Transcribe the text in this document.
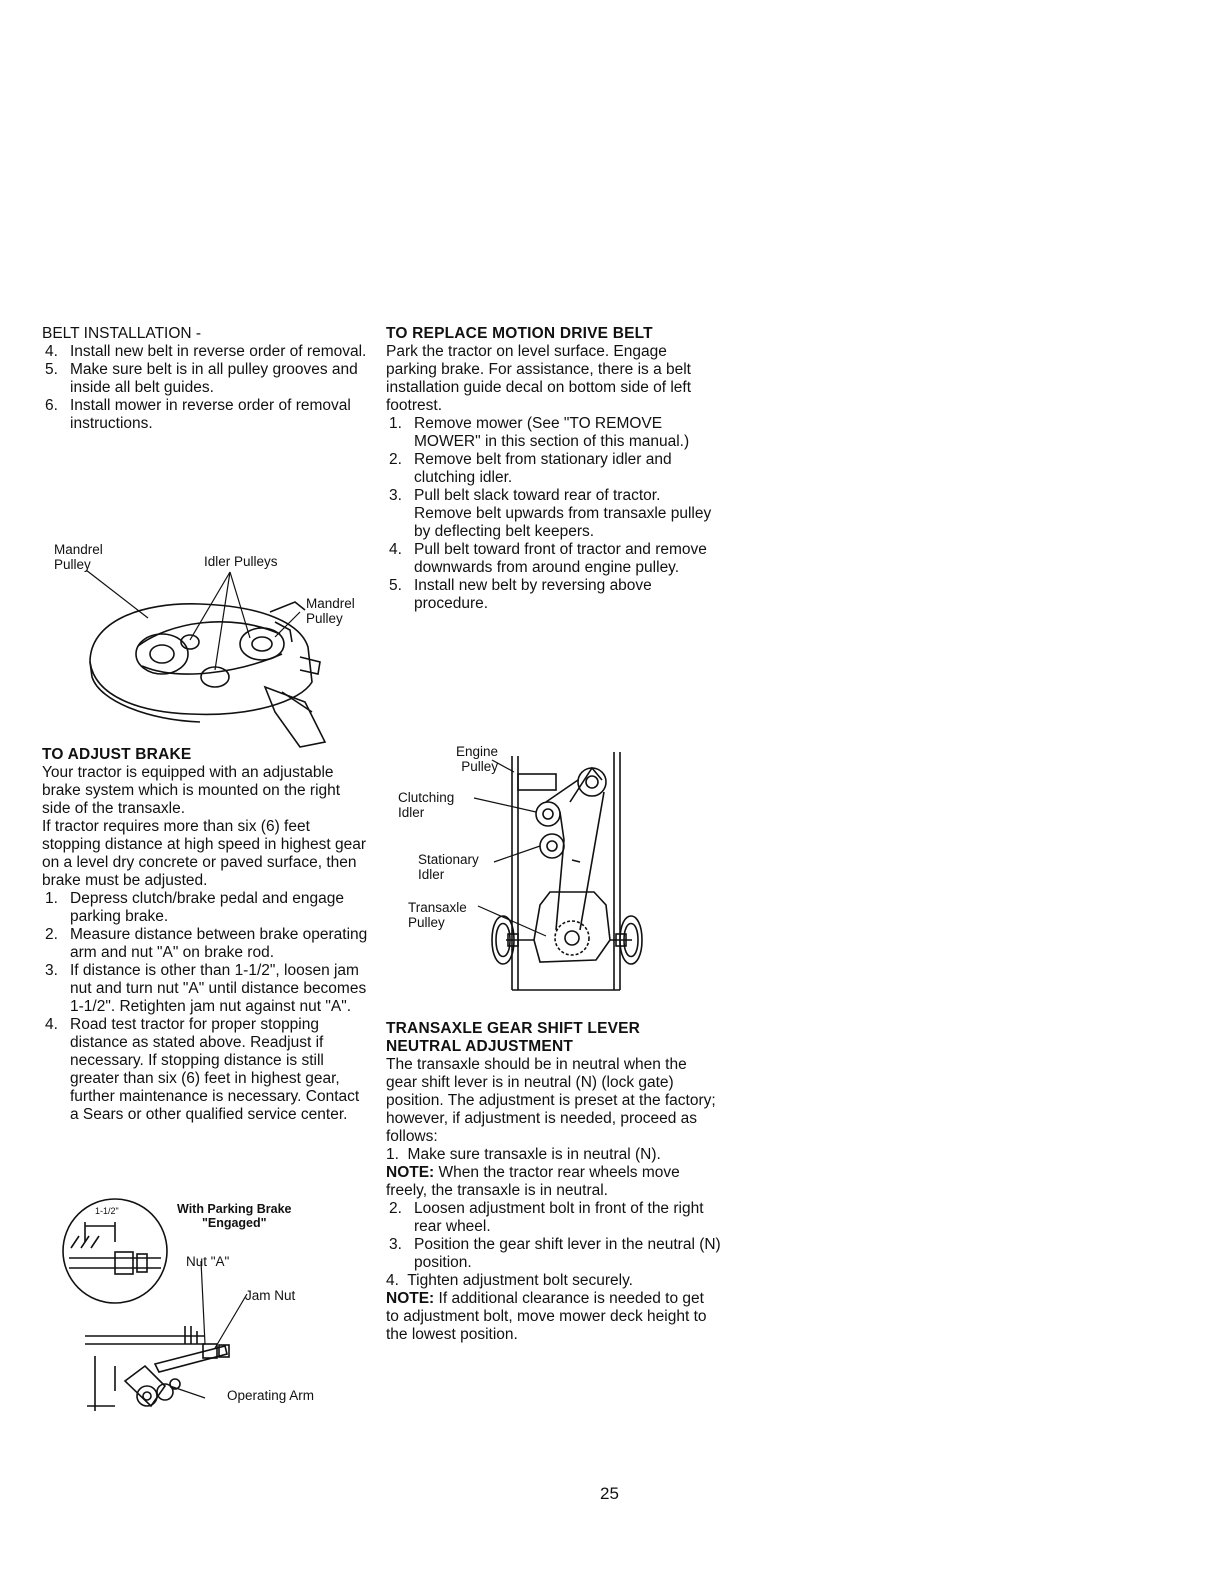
BELT INSTALLATION -
4. Install new belt in reverse order of removal.
5. Make sure belt is in all pulley grooves and inside all belt guides.
6. Install mower in reverse order of removal instructions.
Mandrel
Pulley	Idler Pulleys
Mandrel
Pulley
TO ADJUST BRAKE

Your tractor is equipped with an adjustable brake system which is mounted on the right side of the transaxle.

If tractor requires more than six (6) feet stopping distance at high speed in highest gear on a level dry concrete or paved surface, then brake must be adjusted.

1. Depress clutch/brake pedal and engage parking brake.
2. Measure distance between brake operating arm and nut "A" on brake rod.
3. If distance is other than 1-1/2", loosen jam nut and turn nut "A" until distance becomes 1-1/2". Retighten jam nut against nut "A".
4. Road test tractor for proper stopping distance as stated above. Readjust if necessary. If stopping distance is still greater than six (6) feet in highest gear, further maintenance is necessary. Contact a Sears or other qualified service center.
1-1/2"	With Parking Brake
"Engaged"
Nut "A"
Jam Nut
Operating Arm
TO REPLACE MOTION DRIVE BELT

Park the tractor on level surface. Engage parking brake. For assistance, there is a belt installation guide decal on bottom side of left footrest.

1. Remove mower (See "TO REMOVE MOWER" in this section of this manual.)
2. Remove belt from stationary idler and clutching idler.
3. Pull belt slack toward rear of tractor. Remove belt upwards from transaxle pulley by deflecting belt keepers.
4. Pull belt toward front of tractor and remove downwards from around engine pulley.
5. Install new belt by reversing above procedure.
Engine
Pulley
Clutching
Idler
Stationary
Idler
Transaxle
Pulley
TRANSAXLE GEAR SHIFT LEVER
NEUTRAL ADJUSTMENT

The transaxle should be in neutral when the gear shift lever is in neutral (N) (lock gate) position. The adjustment is preset at the factory; however, if adjustment is needed, proceed as follows:

1.  Make sure transaxle is in neutral (N).
NOTE: When the tractor rear wheels move freely, the transaxle is in neutral.
2. Loosen adjustment bolt in front of the right rear wheel.
3. Position the gear shift lever in the neutral (N) position.
4.  Tighten adjustment bolt securely.
NOTE: If additional clearance is needed to get to adjustment bolt, move mower deck height to the lowest position.
25
